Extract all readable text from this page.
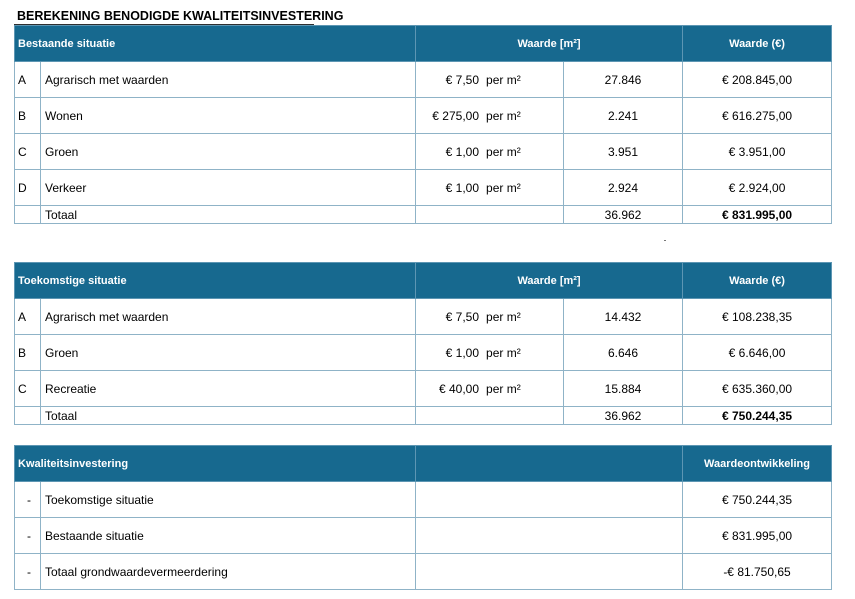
BEREKENING BENODIGDE KWALITEITSINVESTERING
Bestaande situatie		Waarde [m²]		Waarde (€)
A	Agrarisch met waarden	€ 7,50 per m²	27.846	€ 208.845,00
B	Wonen	€ 275,00 per m²	2.241	€ 616.275,00
C	Groen	€ 1,00 per m²	3.951	€ 3.951,00
D	Verkeer	€ 1,00 per m²	2.924	€ 2.924,00
	Totaal		36.962	€ 831.995,00
Toekomstige situatie		Waarde [m²]		Waarde (€)
A	Agrarisch met waarden	€ 7,50 per m²	14.432	€ 108.238,35
B	Groen	€ 1,00 per m²	6.646	€ 6.646,00
C	Recreatie	€ 40,00 per m²	15.884	€ 635.360,00
	Totaal		36.962	€ 750.244,35
Kwaliteitsinvestering			Waardeontwikkeling
-	Toekomstige situatie		€ 750.244,35
-	Bestaande situatie		€ 831.995,00
-	Totaal grondwaardevermeerdering		-€ 81.750,65
